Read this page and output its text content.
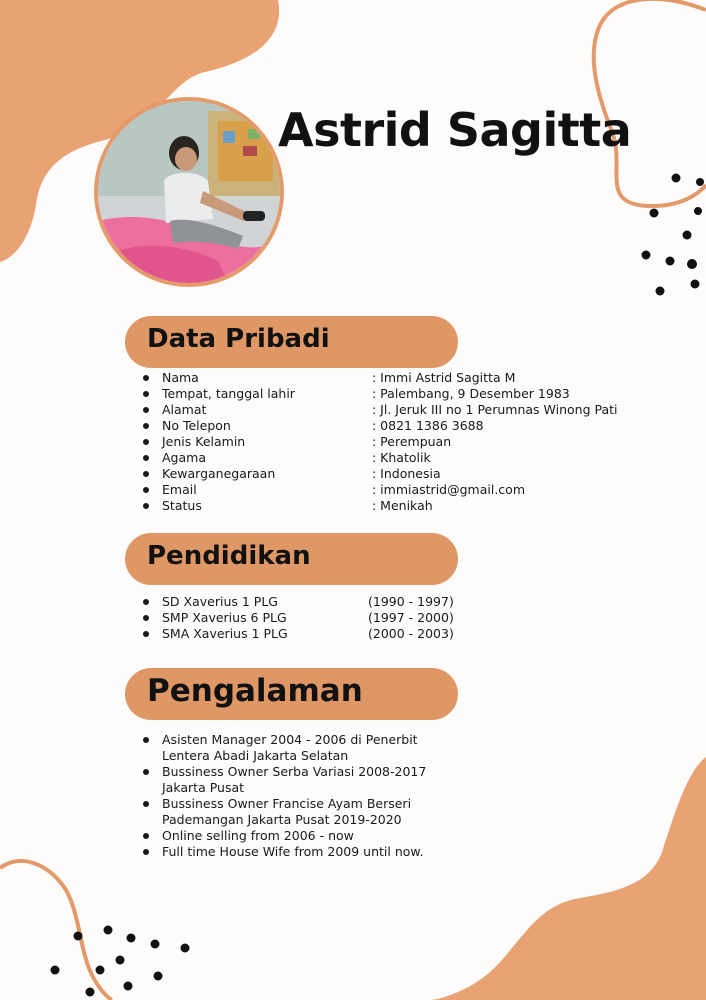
Astrid Sagitta
Data Pribadi
Nama
Tempat, tanggal lahir
Alamat
No Telepon
Jenis Kelamin
Agama
Kewarganegaraan
Email
Status
: Immi Astrid Sagitta M
: Palembang, 9 Desember 1983
: Jl. Jeruk III no 1 Perumnas Winong Pati
: 0821 1386 3688
: Perempuan
: Khatolik
: Indonesia
: immiastrid@gmail.com
: Menikah
Pendidikan
SD Xaverius 1 PLG
SMP Xaverius 6 PLG
SMA Xaverius 1 PLG
(1990 - 1997)
(1997 - 2000)
(2000 - 2003)
Pengalaman
Asisten Manager 2004 - 2006 di Penerbit
Lentera Abadi Jakarta Selatan
Bussiness Owner Serba Variasi 2008-2017
Jakarta Pusat
Bussiness Owner Francise Ayam Berseri
Pademangan Jakarta Pusat 2019-2020
Online selling from 2006 - now
Full time House Wife from 2009 until now.
